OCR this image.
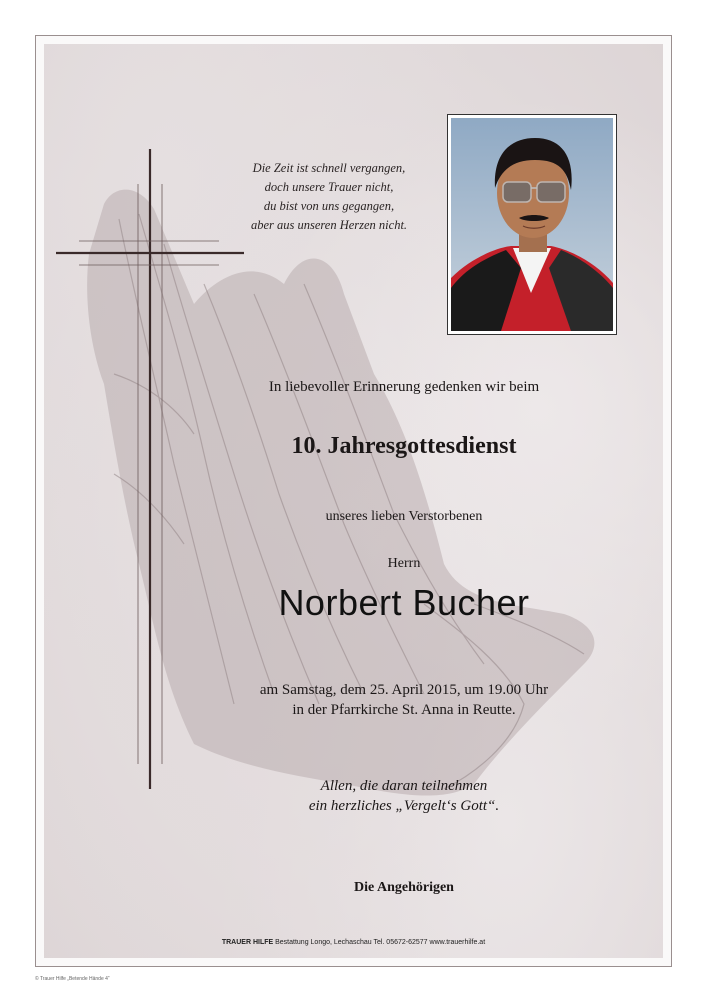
Die Zeit ist schnell vergangen,
doch unsere Trauer nicht,
du bist von uns gegangen,
aber aus unseren Herzen nicht.
In liebevoller Erinnerung gedenken wir beim
10. Jahresgottesdienst
unseres lieben Verstorbenen
Herrn
Norbert Bucher
am Samstag, dem 25. April 2015, um 19.00 Uhr
in der Pfarrkirche St. Anna in Reutte.
Allen, die daran teilnehmen
ein herzliches „Vergelt‘s Gott“.
Die Angehörigen
TRAUER HILFE Bestattung Longo, Lechaschau Tel. 05672-62577 www.trauerhilfe.at
© Trauer Hilfe „Betende Hände 4“
